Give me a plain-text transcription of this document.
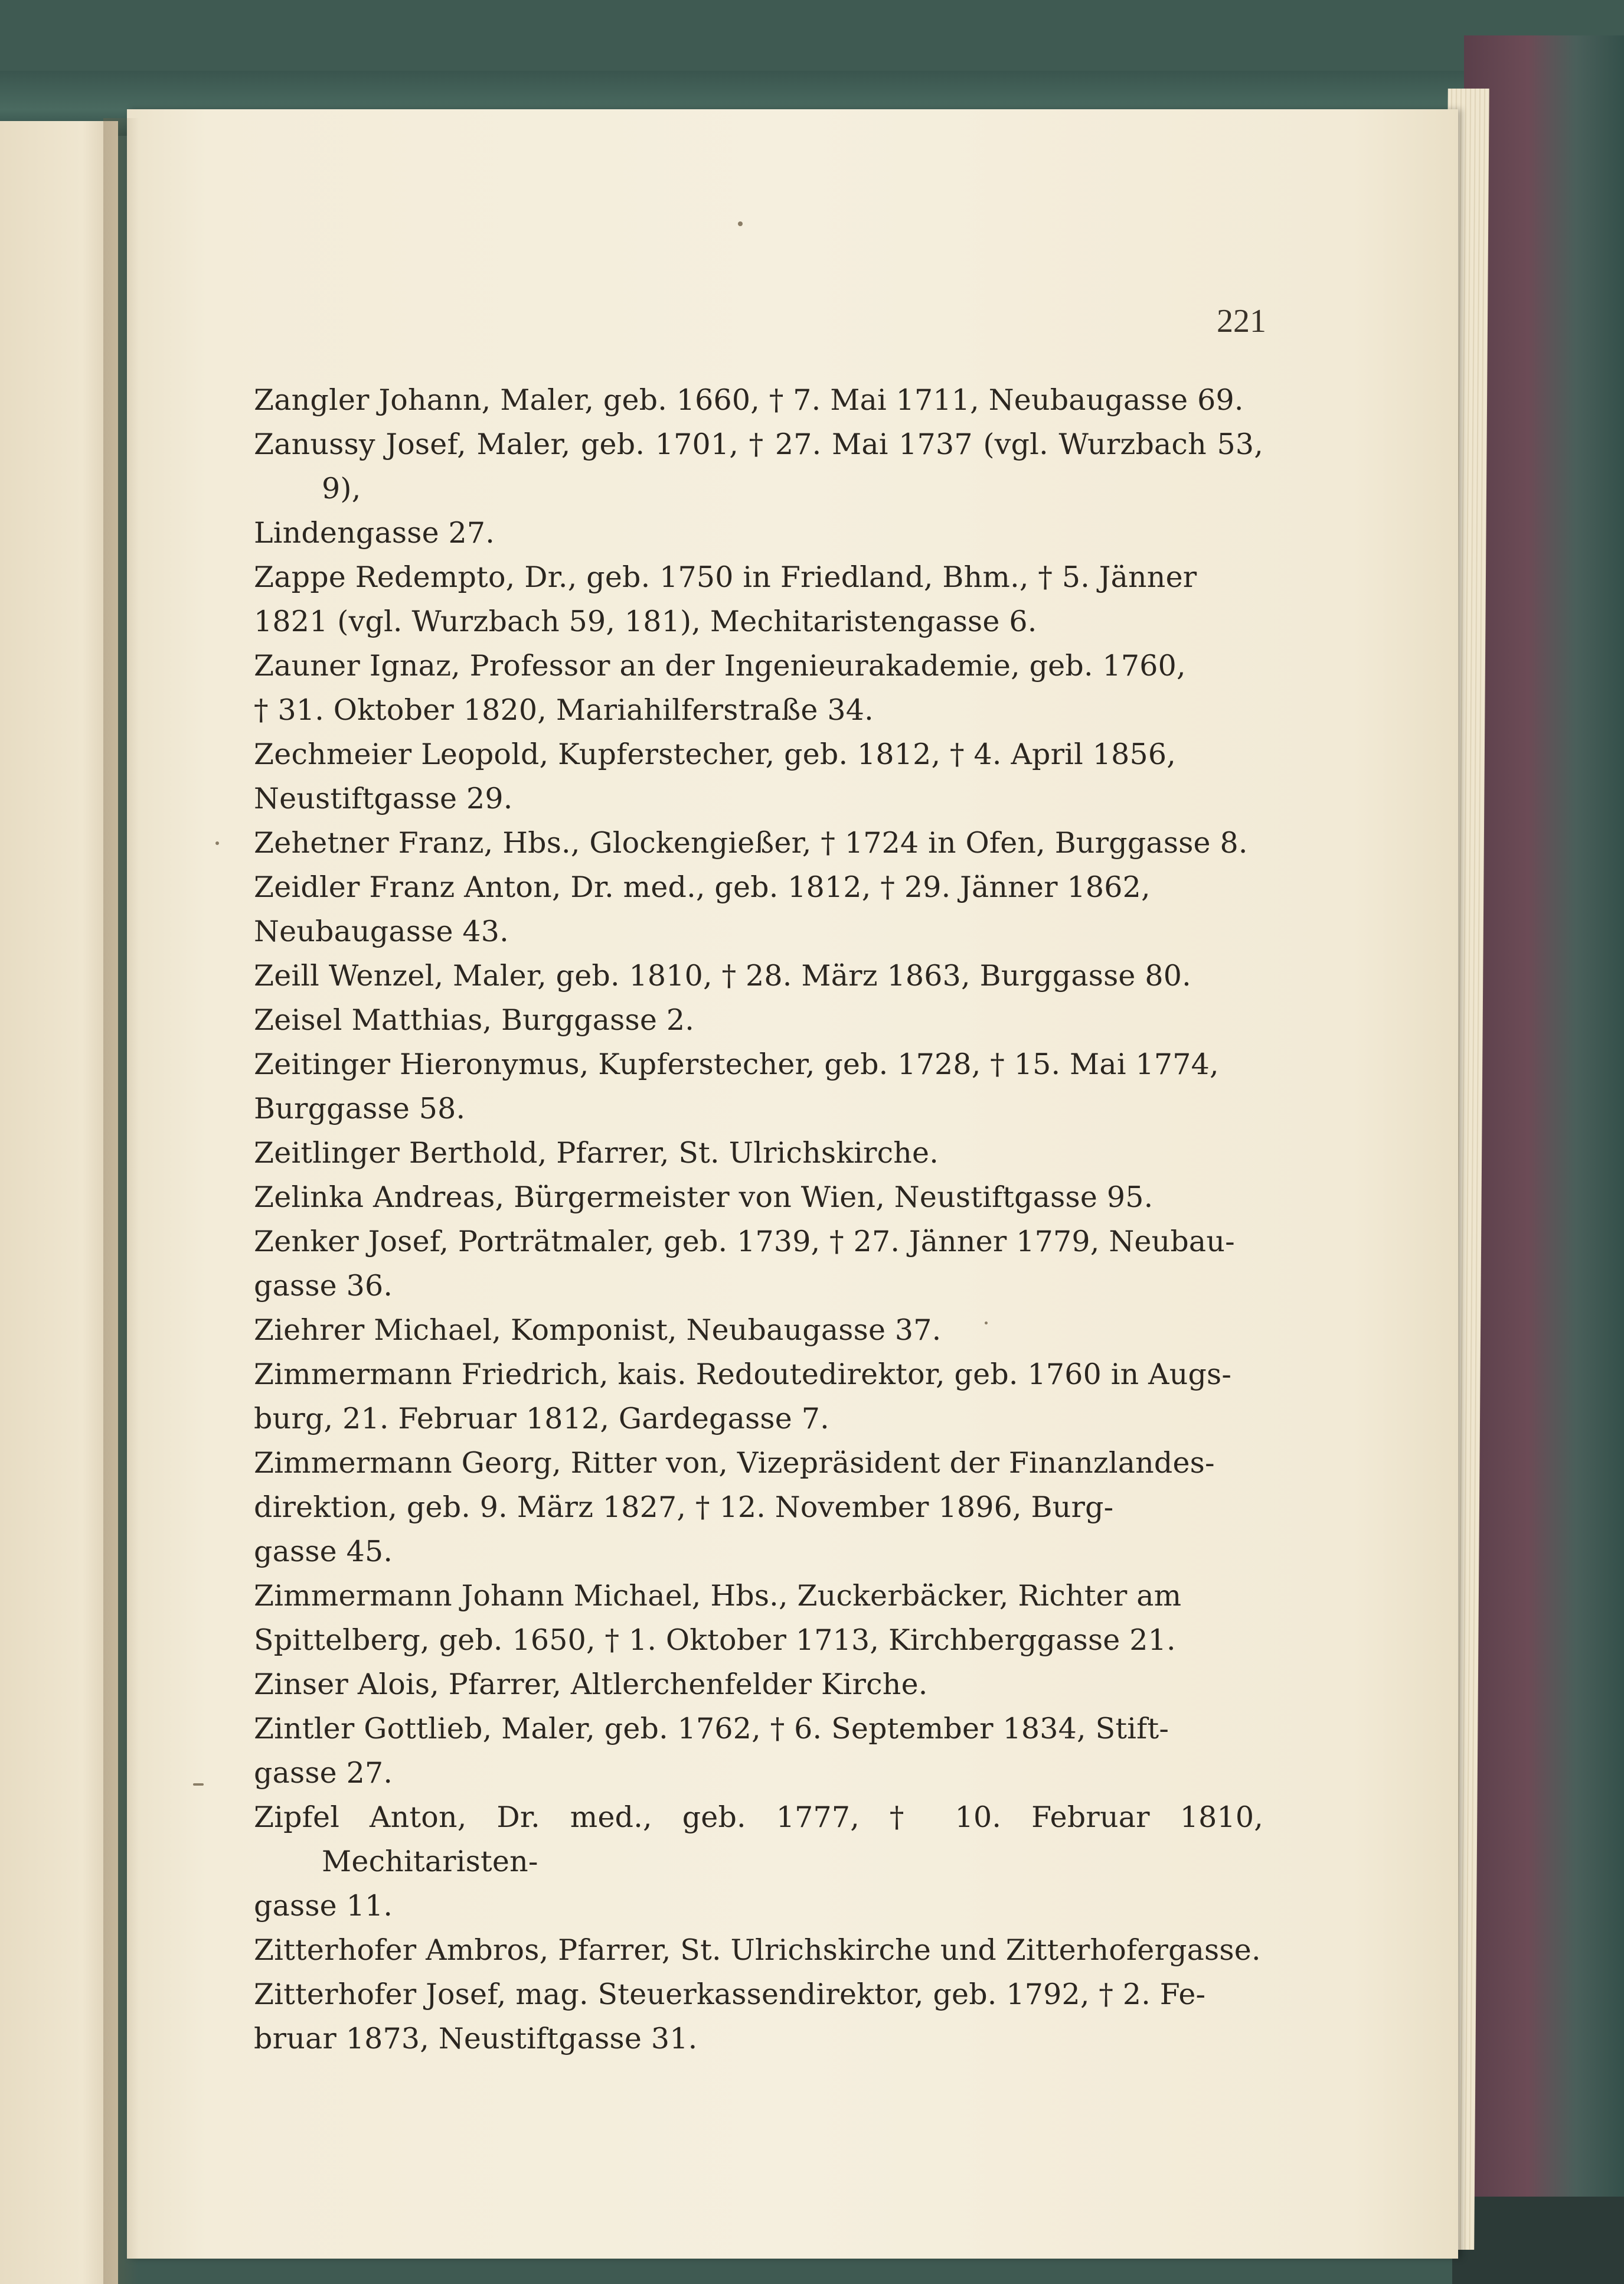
221
Zangler Johann, Maler, geb. 1660, † 7. Mai 1711, Neubaugasse 69.
Zanussy Josef, Maler, geb. 1701, † 27. Mai 1737 (vgl. Wurzbach 53, 9),
Lindengasse 27.
Zappe Redempto, Dr., geb. 1750 in Friedland, Bhm., † 5. Jänner
1821 (vgl. Wurzbach 59, 181), Mechitaristengasse 6.
Zauner Ignaz, Professor an der Ingenieurakademie, geb. 1760,
† 31. Oktober 1820, Mariahilferstraße 34.
Zechmeier Leopold, Kupferstecher, geb. 1812, † 4. April 1856,
Neustiftgasse 29.
Zehetner Franz, Hbs., Glockengießer, † 1724 in Ofen, Burggasse 8.
Zeidler Franz Anton, Dr. med., geb. 1812, † 29. Jänner 1862,
Neubaugasse 43.
Zeill Wenzel, Maler, geb. 1810, † 28. März 1863, Burggasse 80.
Zeisel Matthias, Burggasse 2.
Zeitinger Hieronymus, Kupferstecher, geb. 1728, † 15. Mai 1774,
Burggasse 58.
Zeitlinger Berthold, Pfarrer, St. Ulrichskirche.
Zelinka Andreas, Bürgermeister von Wien, Neustiftgasse 95.
Zenker Josef, Porträtmaler, geb. 1739, † 27. Jänner 1779, Neubau-
gasse 36.
Ziehrer Michael, Komponist, Neubaugasse 37.
Zimmermann Friedrich, kais. Redoutedirektor, geb. 1760 in Augs-
burg, 21. Februar 1812, Gardegasse 7.
Zimmermann Georg, Ritter von, Vizepräsident der Finanzlandes-
direktion, geb. 9. März 1827, † 12. November 1896, Burg-
gasse 45.
Zimmermann Johann Michael, Hbs., Zuckerbäcker, Richter am
Spittelberg, geb. 1650, † 1. Oktober 1713, Kirchberggasse 21.
Zinser Alois, Pfarrer, Altlerchenfelder Kirche.
Zintler Gottlieb, Maler, geb. 1762, † 6. September 1834, Stift-
gasse 27.
Zipfel Anton, Dr. med., geb. 1777, † 10. Februar 1810, Mechitaristen-
gasse 11.
Zitterhofer Ambros, Pfarrer, St. Ulrichskirche und Zitterhofergasse.
Zitterhofer Josef, mag. Steuerkassendirektor, geb. 1792, † 2. Fe-
bruar 1873, Neustiftgasse 31.
